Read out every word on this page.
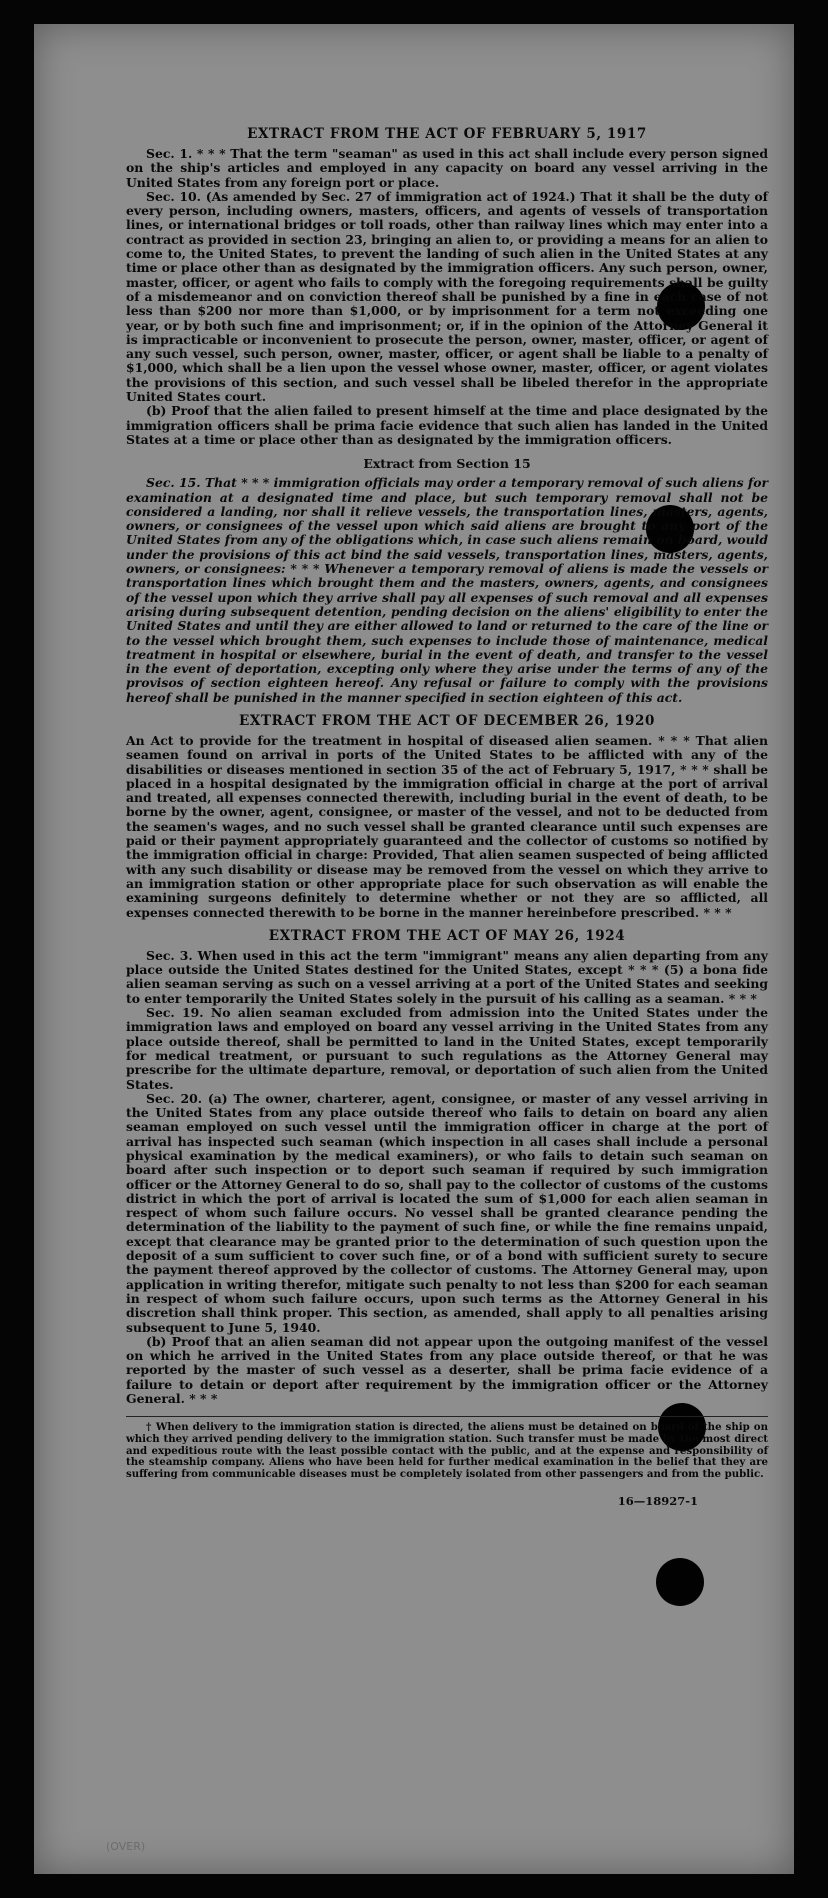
(OVER)
EXTRACT FROM THE ACT OF FEBRUARY 5, 1917

Sec. 1. * * * That the term "seaman" as used in this act shall include every person signed on the ship's articles and employed in any capacity on board any vessel arriving in the United States from any foreign port or place.

Sec. 10. (As amended by Sec. 27 of immigration act of 1924.) That it shall be the duty of every person, including owners, masters, officers, and agents of vessels of transportation lines, or international bridges or toll roads, other than railway lines which may enter into a contract as provided in section 23, bringing an alien to, or providing a means for an alien to come to, the United States, to prevent the landing of such alien in the United States at any time or place other than as designated by the immigration officers. Any such person, owner, master, officer, or agent who fails to comply with the foregoing requirements shall be guilty of a misdemeanor and on conviction thereof shall be punished by a fine in each case of not less than $200 nor more than $1,000, or by imprisonment for a term not exceeding one year, or by both such fine and imprisonment; or, if in the opinion of the Attorney General it is impracticable or inconvenient to prosecute the person, owner, master, officer, or agent of any such vessel, such person, owner, master, officer, or agent shall be liable to a penalty of $1,000, which shall be a lien upon the vessel whose owner, master, officer, or agent violates the provisions of this section, and such vessel shall be libeled therefor in the appropriate United States court.

(b) Proof that the alien failed to present himself at the time and place designated by the immigration officers shall be prima facie evidence that such alien has landed in the United States at a time or place other than as designated by the immigration officers.

Extract from Section 15

Sec. 15. That * * * immigration officials may order a temporary removal of such aliens for examination at a designated time and place, but such temporary removal shall not be considered a landing, nor shall it relieve vessels, the transportation lines, masters, agents, owners, or consignees of the vessel upon which said aliens are brought to any port of the United States from any of the obligations which, in case such aliens remain on board, would under the provisions of this act bind the said vessels, transportation lines, masters, agents, owners, or consignees: * * * Whenever a temporary removal of aliens is made the vessels or transportation lines which brought them and the masters, owners, agents, and consignees of the vessel upon which they arrive shall pay all expenses of such removal and all expenses arising during subsequent detention, pending decision on the aliens' eligibility to enter the United States and until they are either allowed to land or returned to the care of the line or to the vessel which brought them, such expenses to include those of maintenance, medical treatment in hospital or elsewhere, burial in the event of death, and transfer to the vessel in the event of deportation, excepting only where they arise under the terms of any of the provisos of section eighteen hereof. Any refusal or failure to comply with the provisions hereof shall be punished in the manner specified in section eighteen of this act.

EXTRACT FROM THE ACT OF DECEMBER 26, 1920

An Act to provide for the treatment in hospital of diseased alien seamen. * * * That alien seamen found on arrival in ports of the United States to be afflicted with any of the disabilities or diseases mentioned in section 35 of the act of February 5, 1917, * * * shall be placed in a hospital designated by the immigration official in charge at the port of arrival and treated, all expenses connected therewith, including burial in the event of death, to be borne by the owner, agent, consignee, or master of the vessel, and not to be deducted from the seamen's wages, and no such vessel shall be granted clearance until such expenses are paid or their payment appropriately guaranteed and the collector of customs so notified by the immigration official in charge: Provided, That alien seamen suspected of being afflicted with any such disability or disease may be removed from the vessel on which they arrive to an immigration station or other appropriate place for such observation as will enable the examining surgeons definitely to determine whether or not they are so afflicted, all expenses connected therewith to be borne in the manner hereinbefore prescribed. * * *

EXTRACT FROM THE ACT OF MAY 26, 1924

Sec. 3. When used in this act the term "immigrant" means any alien departing from any place outside the United States destined for the United States, except * * * (5) a bona fide alien seaman serving as such on a vessel arriving at a port of the United States and seeking to enter temporarily the United States solely in the pursuit of his calling as a seaman. * * *

Sec. 19. No alien seaman excluded from admission into the United States under the immigration laws and employed on board any vessel arriving in the United States from any place outside thereof, shall be permitted to land in the United States, except temporarily for medical treatment, or pursuant to such regulations as the Attorney General may prescribe for the ultimate departure, removal, or deportation of such alien from the United States.

Sec. 20. (a) The owner, charterer, agent, consignee, or master of any vessel arriving in the United States from any place outside thereof who fails to detain on board any alien seaman employed on such vessel until the immigration officer in charge at the port of arrival has inspected such seaman (which inspection in all cases shall include a personal physical examination by the medical examiners), or who fails to detain such seaman on board after such inspection or to deport such seaman if required by such immigration officer or the Attorney General to do so, shall pay to the collector of customs of the customs district in which the port of arrival is located the sum of $1,000 for each alien seaman in respect of whom such failure occurs. No vessel shall be granted clearance pending the determination of the liability to the payment of such fine, or while the fine remains unpaid, except that clearance may be granted prior to the determination of such question upon the deposit of a sum sufficient to cover such fine, or of a bond with sufficient surety to secure the payment thereof approved by the collector of customs. The Attorney General may, upon application in writing therefor, mitigate such penalty to not less than $200 for each seaman in respect of whom such failure occurs, upon such terms as the Attorney General in his discretion shall think proper. This section, as amended, shall apply to all penalties arising subsequent to June 5, 1940.

(b) Proof that an alien seaman did not appear upon the outgoing manifest of the vessel on which he arrived in the United States from any place outside thereof, or that he was reported by the master of such vessel as a deserter, shall be prima facie evidence of a failure to detain or deport after requirement by the immigration officer or the Attorney General. * * *

† When delivery to the immigration station is directed, the aliens must be detained on board of the ship on which they arrived pending delivery to the immigration station. Such transfer must be made by the most direct and expeditious route with the least possible contact with the public, and at the expense and responsibility of the steamship company. Aliens who have been held for further medical examination in the belief that they are suffering from communicable diseases must be completely isolated from other passengers and from the public.

16—18927-1
